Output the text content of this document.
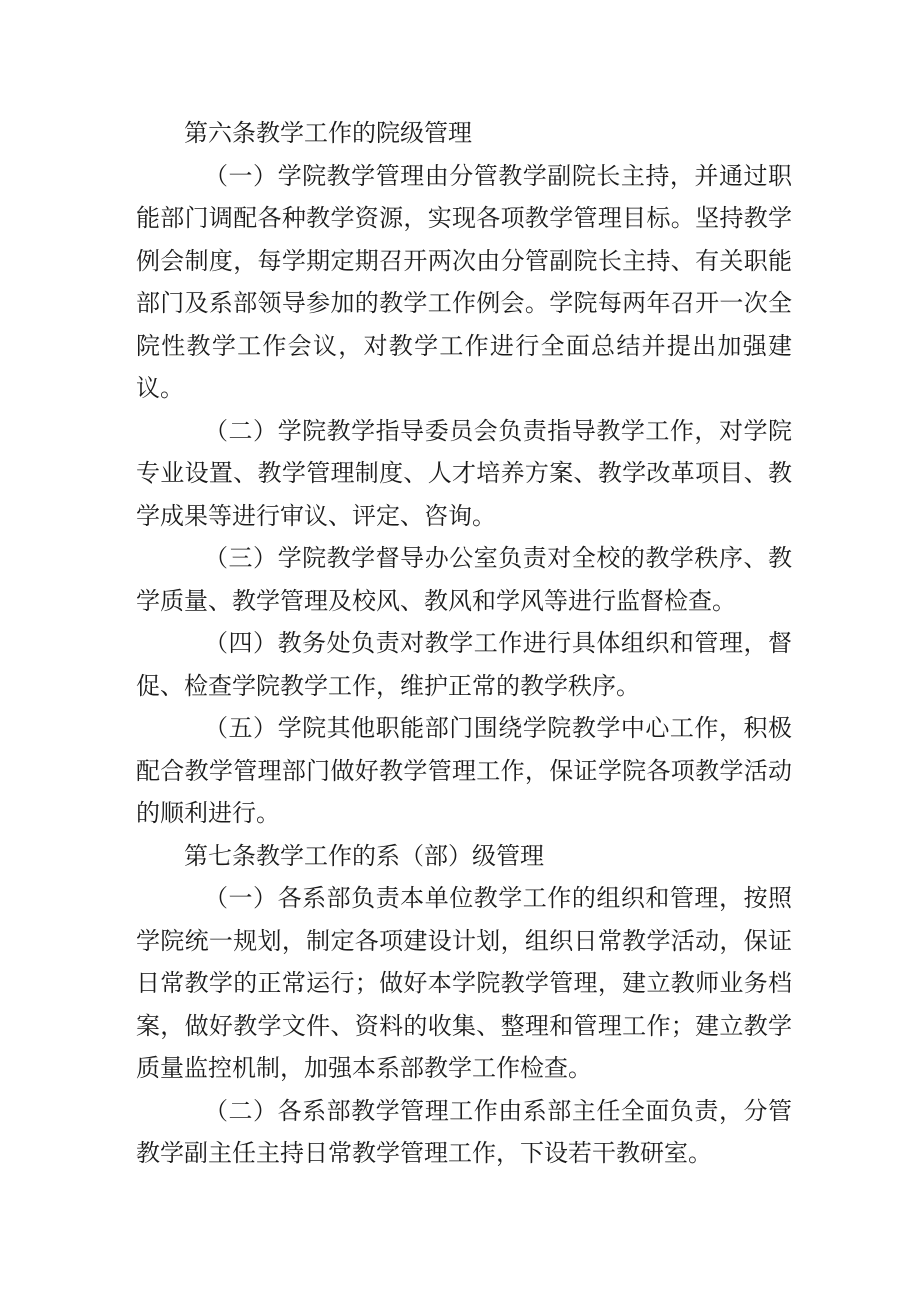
第六条教学工作的院级管理

（一）学院教学管理由分管教学副院长主持，并通过职能部门调配各种教学资源，实现各项教学管理目标。坚持教学例会制度，每学期定期召开两次由分管副院长主持、有关职能部门及系部领导参加的教学工作例会。学院每两年召开一次全院性教学工作会议，对教学工作进行全面总结并提出加强建议。

（二）学院教学指导委员会负责指导教学工作，对学院专业设置、教学管理制度、人才培养方案、教学改革项目、教学成果等进行审议、评定、咨询。

（三）学院教学督导办公室负责对全校的教学秩序、教学质量、教学管理及校风、教风和学风等进行监督检查。

（四）教务处负责对教学工作进行具体组织和管理，督促、检查学院教学工作，维护正常的教学秩序。

（五）学院其他职能部门围绕学院教学中心工作，积极配合教学管理部门做好教学管理工作，保证学院各项教学活动的顺利进行。

第七条教学工作的系（部）级管理

（一）各系部负责本单位教学工作的组织和管理，按照学院统一规划，制定各项建设计划，组织日常教学活动，保证日常教学的正常运行；做好本学院教学管理，建立教师业务档案，做好教学文件、资料的收集、整理和管理工作；建立教学质量监控机制，加强本系部教学工作检查。

（二）各系部教学管理工作由系部主任全面负责，分管教学副主任主持日常教学管理工作，下设若干教研室。
